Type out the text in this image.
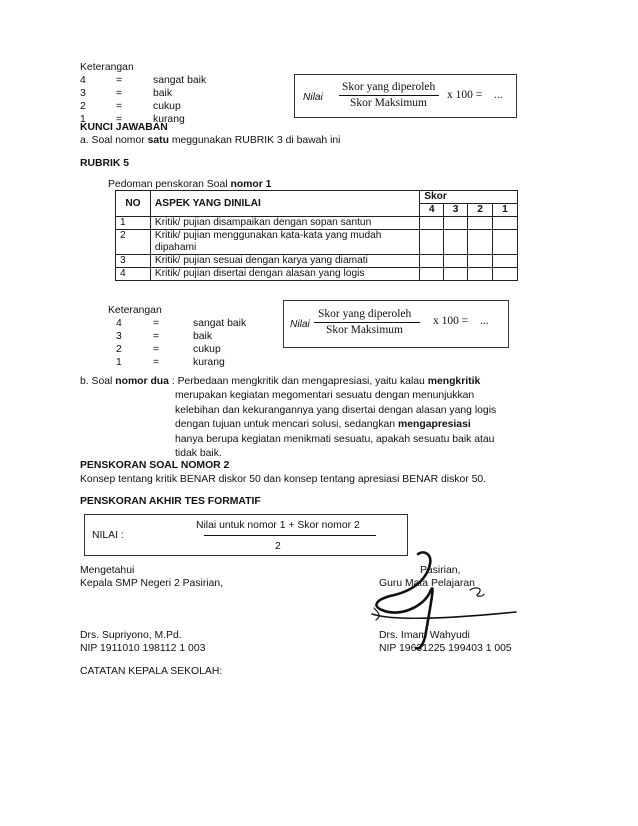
Keterangan
4	=	sangat baik
3	=	baik
2	=	cukup
1	=	kurang
Nilai
Skor yang diperoleh
Skor Maksimum
x 100 = ...
KUNCI JAWABAN
a. Soal nomor satu meggunakan RUBRIK 3 di bawah ini
RUBRIK 5
Pedoman penskoran Soal nomor 1
NO	ASPEK YANG DINILAI	Skor			
		4	3	2	1
1	Kritik/ pujian disampaikan dengan sopan santun				
2	Kritik/ pujian menggunakan kata-kata yang mudah
dipahami				

3	Kritik/ pujian sesuai dengan karya yang diamati				
4	Kritik/ pujian disertai dengan alasan yang logis				
Keterangan
4	=	sangat baik
3	=	baik
2	=	cukup
1	=	kurang
Nilai
Skor yang diperoleh
Skor Maksimum
x 100 = ...
b. Soal nomor dua : Perbedaan mengkritik dan mengapresiasi, yaitu kalau mengkritik
merupakan kegiatan megomentari sesuatu dengan menunjukkan
kelebihan dan kekurangannya yang disertai dengan alasan yang logis
dengan tujuan untuk mencari solusi, sedangkan mengapresiasi
hanya berupa kegiatan menikmati sesuatu, apakah sesuatu baik atau
tidak baik.
PENSKORAN SOAL NOMOR 2
Konsep tentang kritik BENAR diskor 50 dan konsep tentang apresiasi BENAR diskor 50.
PENSKORAN AKHIR TES FORMATIF
NILAI :
Nilai untuk nomor 1 + Skor nomor 2
2
Mengetahui
Kepala SMP Negeri 2 Pasirian,
Pasirian,
Guru Mata Pelajaran
Drs. Supriyono, M.Pd.
NIP 1911010 198112 1 003
Drs. Imam Wahyudi
NIP 19631225 199403 1 005
CATATAN KEPALA SEKOLAH:
